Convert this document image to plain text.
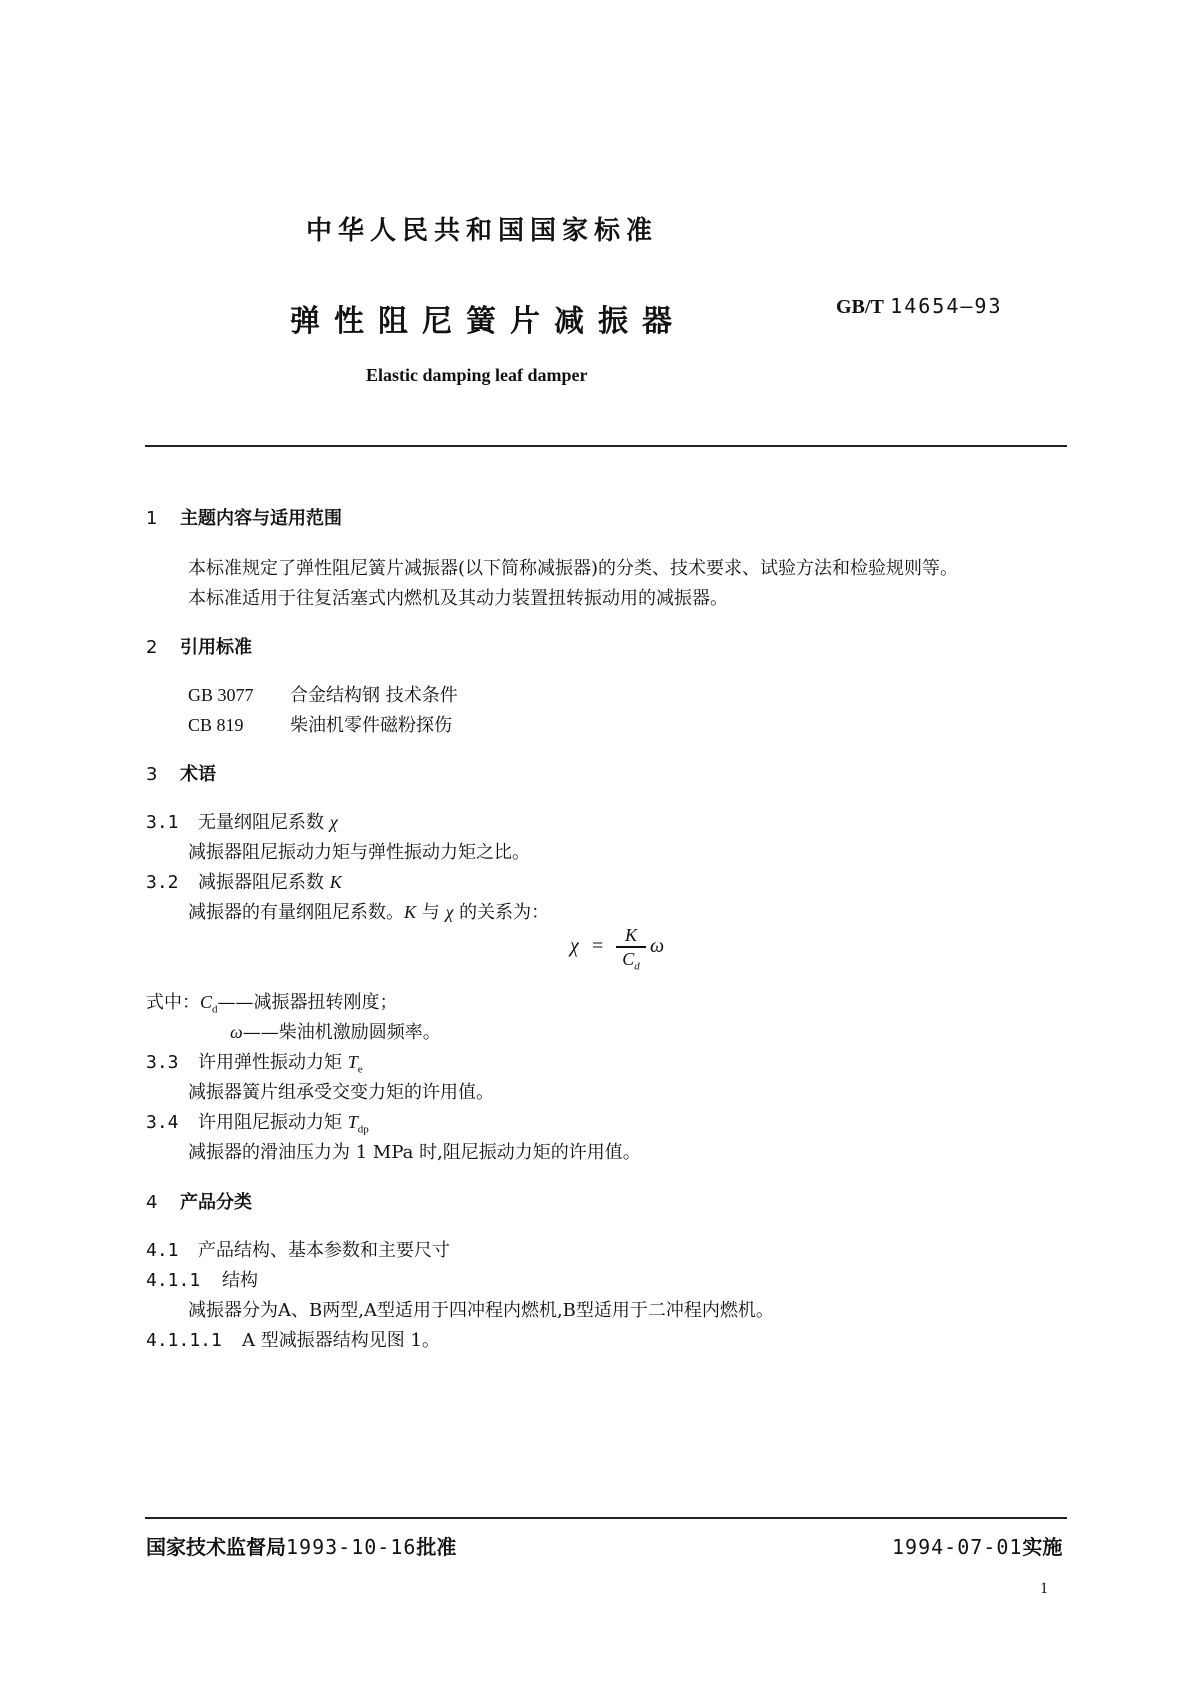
中华人民共和国国家标准
弹性阻尼簧片减振器	GB/T 14654—93
Elastic damping leaf damper
1 主题内容与适用范围
本标准规定了弹性阻尼簧片减振器(以下简称减振器)的分类、技术要求、试验方法和检验规则等。
本标准适用于往复活塞式内燃机及其动力装置扭转振动用的减振器。
2 引用标准
GB 3077 合金结构钢 技术条件
CB 819	柴油机零件磁粉探伤
3 术语
3.1 无量纲阻尼系数 χ
减振器阻尼振动力矩与弹性振动力矩之比。
3.2 减振器阻尼系数 K
减振器的有量纲阻尼系数。K 与 χ 的关系为：
χ =	K
$C_d$
ω
式中：$C_d——$减振器扭转刚度；
ω——柴油机激励圆频率。
3.3 许用弹性振动力矩 $T_e$
减振器簧片组承受交变力矩的许用值。
3.4 许用阻尼振动力矩 $T_{dp}$
减振器的滑油压力为 1 MPa 时,阻尼振动力矩的许用值。
4 产品分类
4.1 产品结构、基本参数和主要尺寸
4.1.1 结构
减振器分为A、B两型,A型适用于四冲程内燃机,B型适用于二冲程内燃机。
4.1.1.1 A 型减振器结构见图 1。
国家技术监督局1993-10-16批准	1994-07-01实施
1
